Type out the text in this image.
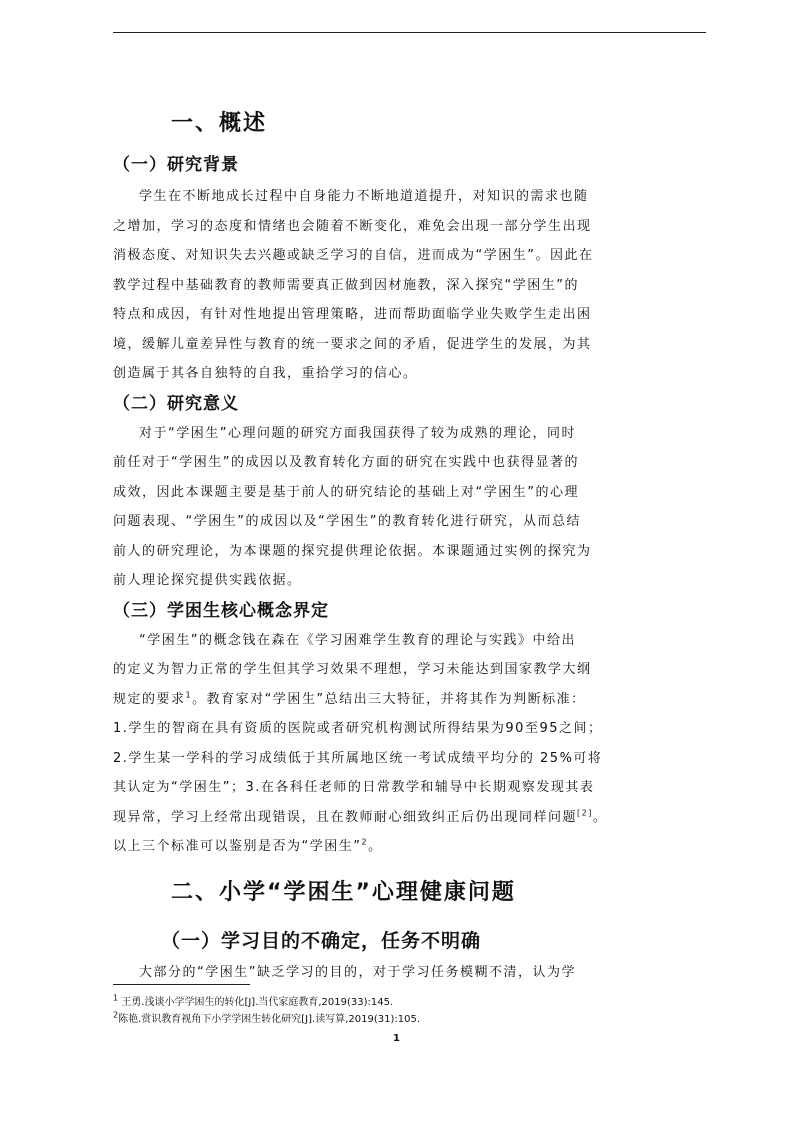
一、概述
（一）研究背景

学生在不断地成长过程中自身能力不断地道道提升，对知识的需求也随

之增加，学习的态度和情绪也会随着不断变化，难免会出现一部分学生出现

消极态度、对知识失去兴趣或缺乏学习的自信，进而成为“学困生”。因此在

教学过程中基础教育的教师需要真正做到因材施教，深入探究“学困生”的

特点和成因，有针对性地提出管理策略，进而帮助面临学业失败学生走出困

境，缓解儿童差异性与教育的统一要求之间的矛盾，促进学生的发展，为其

创造属于其各自独特的自我，重拾学习的信心。

（二）研究意义

对于“学困生”心理问题的研究方面我国获得了较为成熟的理论，同时

前任对于“学困生”的成因以及教育转化方面的研究在实践中也获得显著的

成效，因此本课题主要是基于前人的研究结论的基础上对“学困生”的心理

问题表现、“学困生”的成因以及“学困生”的教育转化进行研究，从而总结

前人的研究理论，为本课题的探究提供理论依据。本课题通过实例的探究为

前人理论探究提供实践依据。

（三）学困生核心概念界定

“学困生”的概念钱在森在《学习困难学生教育的理论与实践》中给出

的定义为智力正常的学生但其学习效果不理想，学习未能达到国家教学大纲

规定的要求$^1$。教育家对“学困生”总结出三大特征，并将其作为判断标准：

1.学生的智商在具有资质的医院或者研究机构测试所得结果为90至95之间；

2.学生某一学科的学习成绩低于其所属地区统一考试成绩平均分的 25%可将

其认定为“学困生”；3.在各科任老师的日常教学和辅导中长期观察发现其表

现异常，学习上经常出现错误，且在教师耐心细致纠正后仍出现同样问题[2]。

以上三个标准可以鉴别是否为“学困生”$^2$。

二、小学“学困生”心理健康问题
（一）学习目的不确定，任务不明确

大部分的“学困生”缺乏学习的目的，对于学习任务模糊不清，认为学

$^1$ 王勇.浅谈小学学困生的转化[J].当代家庭教育,2019(33):145.

$^2$陈艳.赏识教育视角下小学学困生转化研究[J].读写算,2019(31):105.

1
